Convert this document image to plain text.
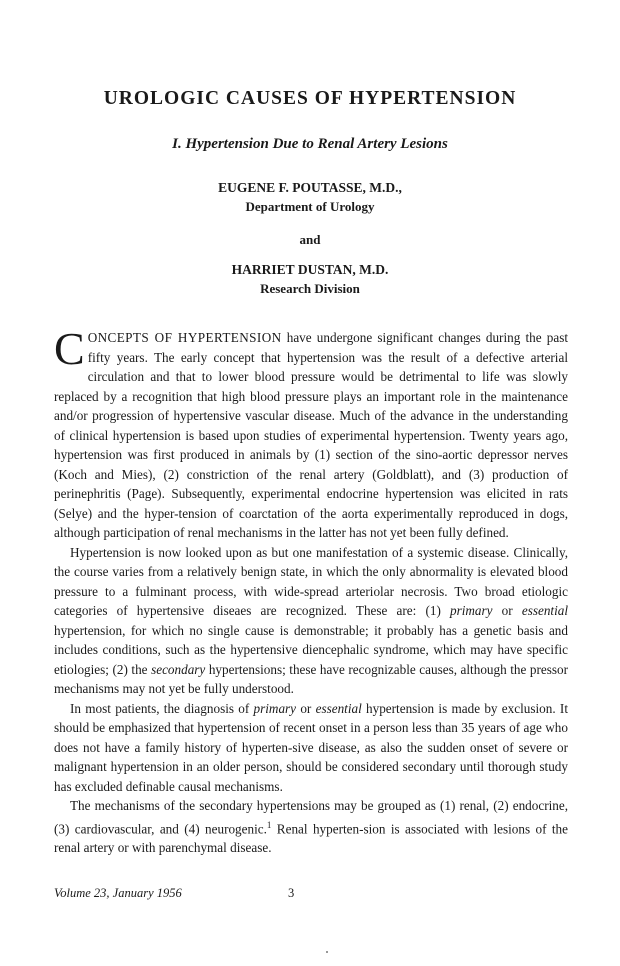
UROLOGIC CAUSES OF HYPERTENSION
I. Hypertension Due to Renal Artery Lesions
EUGENE F. POUTASSE, M.D.,
Department of Urology
and
HARRIET DUSTAN, M.D.
Research Division

CONCEPTS OF HYPERTENSION have undergone significant changes during the past fifty years. The early concept that hypertension was the result of a defective arterial circulation and that to lower blood pressure would be detrimental to life was slowly replaced by a recognition that high blood pressure plays an important role in the maintenance and/or progression of hypertensive vascular disease. Much of the advance in the understanding of clinical hypertension is based upon studies of experimental hypertension. Twenty years ago, hypertension was first produced in animals by (1) section of the sino-aortic depressor nerves (Koch and Mies), (2) constriction of the renal artery (Goldblatt), and (3) production of perinephritis (Page). Subsequently, experimental endocrine hypertension was elicited in rats (Selye) and the hyper-tension of coarctation of the aorta experimentally reproduced in dogs, although participation of renal mechanisms in the latter has not yet been fully defined.

Hypertension is now looked upon as but one manifestation of a systemic disease. Clinically, the course varies from a relatively benign state, in which the only abnormality is elevated blood pressure to a fulminant process, with wide-spread arteriolar necrosis. Two broad etiologic categories of hypertensive diseaes are recognized. These are: (1) primary or essential hypertension, for which no single cause is demonstrable; it probably has a genetic basis and includes conditions, such as the hypertensive diencephalic syndrome, which may have specific etiologies; (2) the secondary hypertensions; these have recognizable causes, although the pressor mechanisms may not yet be fully understood.

In most patients, the diagnosis of primary or essential hypertension is made by exclusion. It should be emphasized that hypertension of recent onset in a person less than 35 years of age who does not have a family history of hyperten-sive disease, as also the sudden onset of severe or malignant hypertension in an older person, should be considered secondary until thorough study has excluded definable causal mechanisms.

The mechanisms of the secondary hypertensions may be grouped as (1) renal, (2) endocrine, (3) cardiovascular, and (4) neurogenic.$^1$ Renal hyperten-sion is associated with lesions of the renal artery or with parenchymal disease.

Volume 23, January 1956	3
